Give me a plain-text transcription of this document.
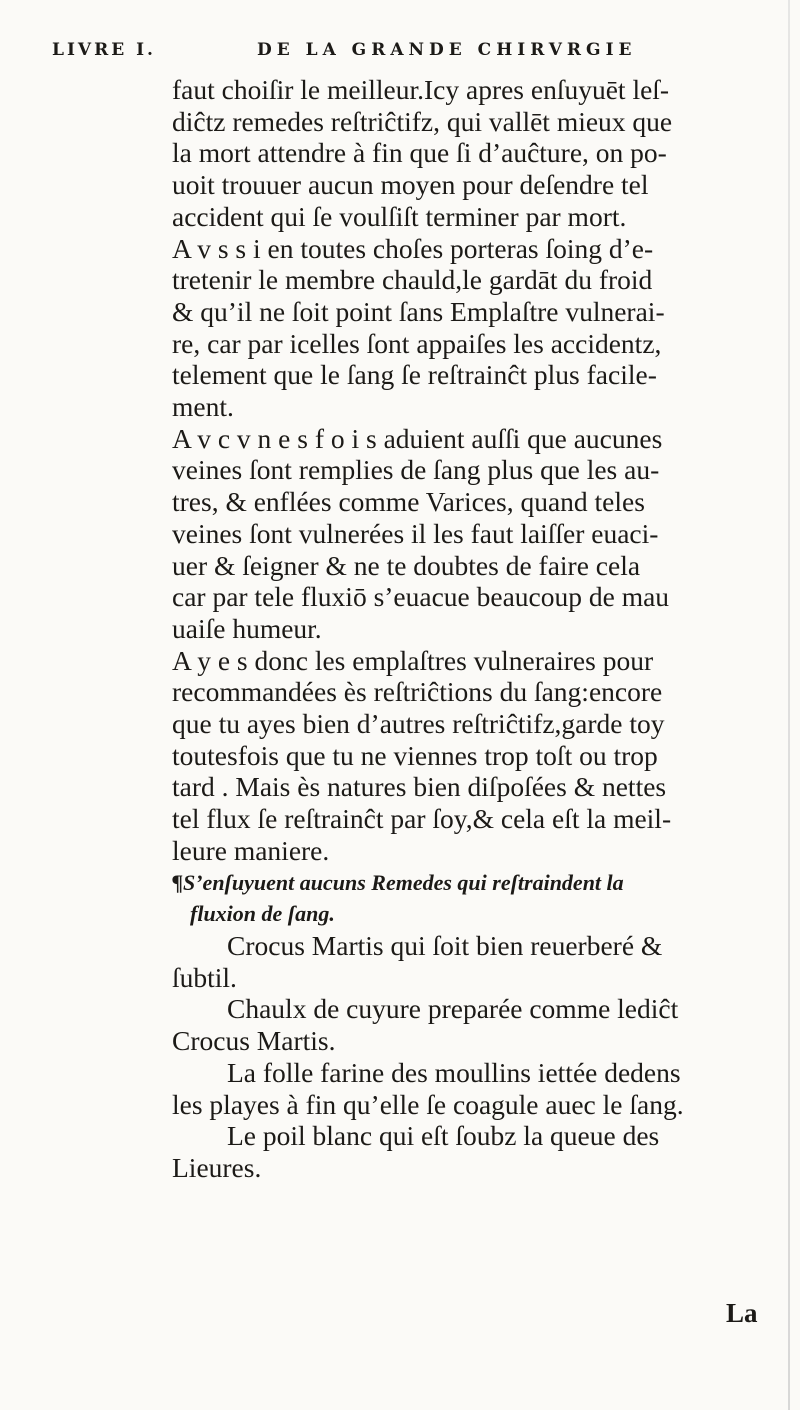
LIVRE I.	DE LA GRANDE CHIRVRGIE
faut choiſir le meilleur.Icy apres enſuyuēt leſ-
diĉtz remedes reſtriĉtifz, qui vallēt mieux que
la mort attendre à fin que ſi d’auĉture, on po-
uoit trouuer aucun moyen pour deſendre tel
accident qui ſe voulſiſt terminer par mort.
A v s s i en toutes choſes porteras ſoing d’e-
tretenir le membre chauld,le gardāt du froid
& qu’il ne ſoit point ſans Emplaſtre vulnerai-
re, car par icelles ſont appaiſes les accidentz,
telement que le ſang ſe reſtrainĉt plus facile-
ment.
A v c v n e s f o i s aduient auſſi que aucunes
veines ſont remplies de ſang plus que les au-
tres, & enflées comme Varices, quand teles
veines ſont vulnerées il les faut laiſſer euaci-
uer & ſeigner & ne te doubtes de faire cela
car par tele fluxiō s’euacue beaucoup de mau
uaiſe humeur.
A y e s donc les emplaſtres vulneraires pour
recommandées ès reſtriĉtions du ſang:encore
que tu ayes bien d’autres reſtriĉtifz,garde toy
toutesfois que tu ne viennes trop toſt ou trop
tard . Mais ès natures bien diſpoſées & nettes
tel flux ſe reſtrainĉt par ſoy,& cela eſt la meil-
leure maniere.
¶S’enſuyuent aucuns Remedes qui reſtraindent la
fluxion de ſang.
Crocus Martis qui ſoit bien reuerberé &
ſubtil.
Chaulx de cuyure preparée comme lediĉt
Crocus Martis.
La folle farine des moullins iettée dedens
les playes à fin qu’elle ſe coagule auec le ſang.
Le poil blanc qui eſt ſoubz la queue des
Lieures.
La
